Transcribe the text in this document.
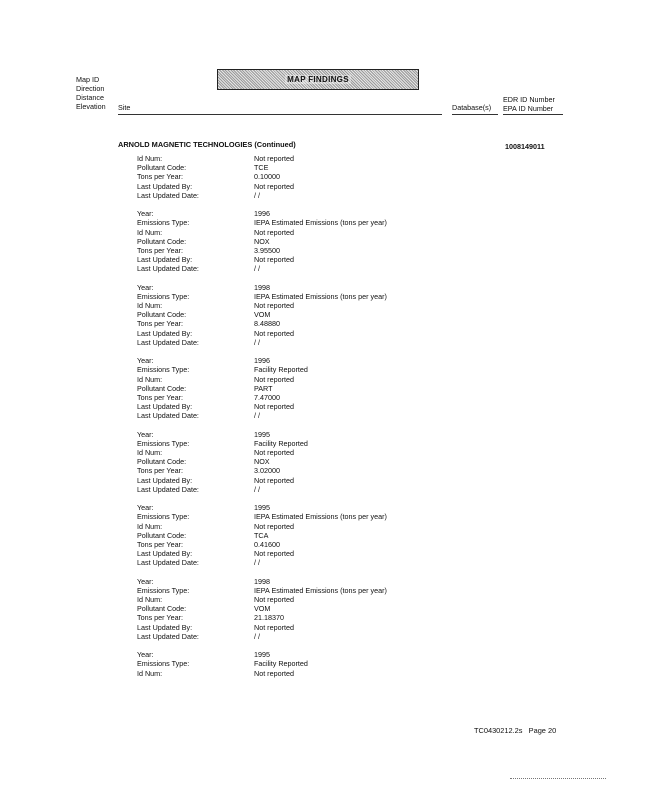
Map ID
Direction
Distance
Elevation
MAP FINDINGS
Site	Database(s)
EDR ID Number
EPA ID Number
ARNOLD MAGNETIC TECHNOLOGIES (Continued)	1008149011
Id Num:	Not reported
Pollutant Code:	TCE
Tons per Year:	0.10000
Last Updated By:	Not reported
Last Updated Date:	/ /
Year:	1996
Emissions Type:	IEPA Estimated Emissions (tons per year)
Id Num:	Not reported
Pollutant Code:	NOX
Tons per Year:	3.95500
Last Updated By:	Not reported
Last Updated Date:	/ /
Year:	1998
Emissions Type:	IEPA Estimated Emissions (tons per year)
Id Num:	Not reported
Pollutant Code:	VOM
Tons per Year:	8.48880
Last Updated By:	Not reported
Last Updated Date:	/ /
Year:	1996
Emissions Type:	Facility Reported
Id Num:	Not reported
Pollutant Code:	PART
Tons per Year:	7.47000
Last Updated By:	Not reported
Last Updated Date:	/ /
Year:	1995
Emissions Type:	Facility Reported
Id Num:	Not reported
Pollutant Code:	NOX
Tons per Year:	3.02000
Last Updated By:	Not reported
Last Updated Date:	/ /
Year:	1995
Emissions Type:	IEPA Estimated Emissions (tons per year)
Id Num:	Not reported
Pollutant Code:	TCA
Tons per Year:	0.41600
Last Updated By:	Not reported
Last Updated Date:	/ /
Year:	1998
Emissions Type:	IEPA Estimated Emissions (tons per year)
Id Num:	Not reported
Pollutant Code:	VOM
Tons per Year:	21.18370
Last Updated By:	Not reported
Last Updated Date:	/ /
Year:	1995
Emissions Type:	Facility Reported
Id Num:	Not reported
TC0430212.2s Page 20
